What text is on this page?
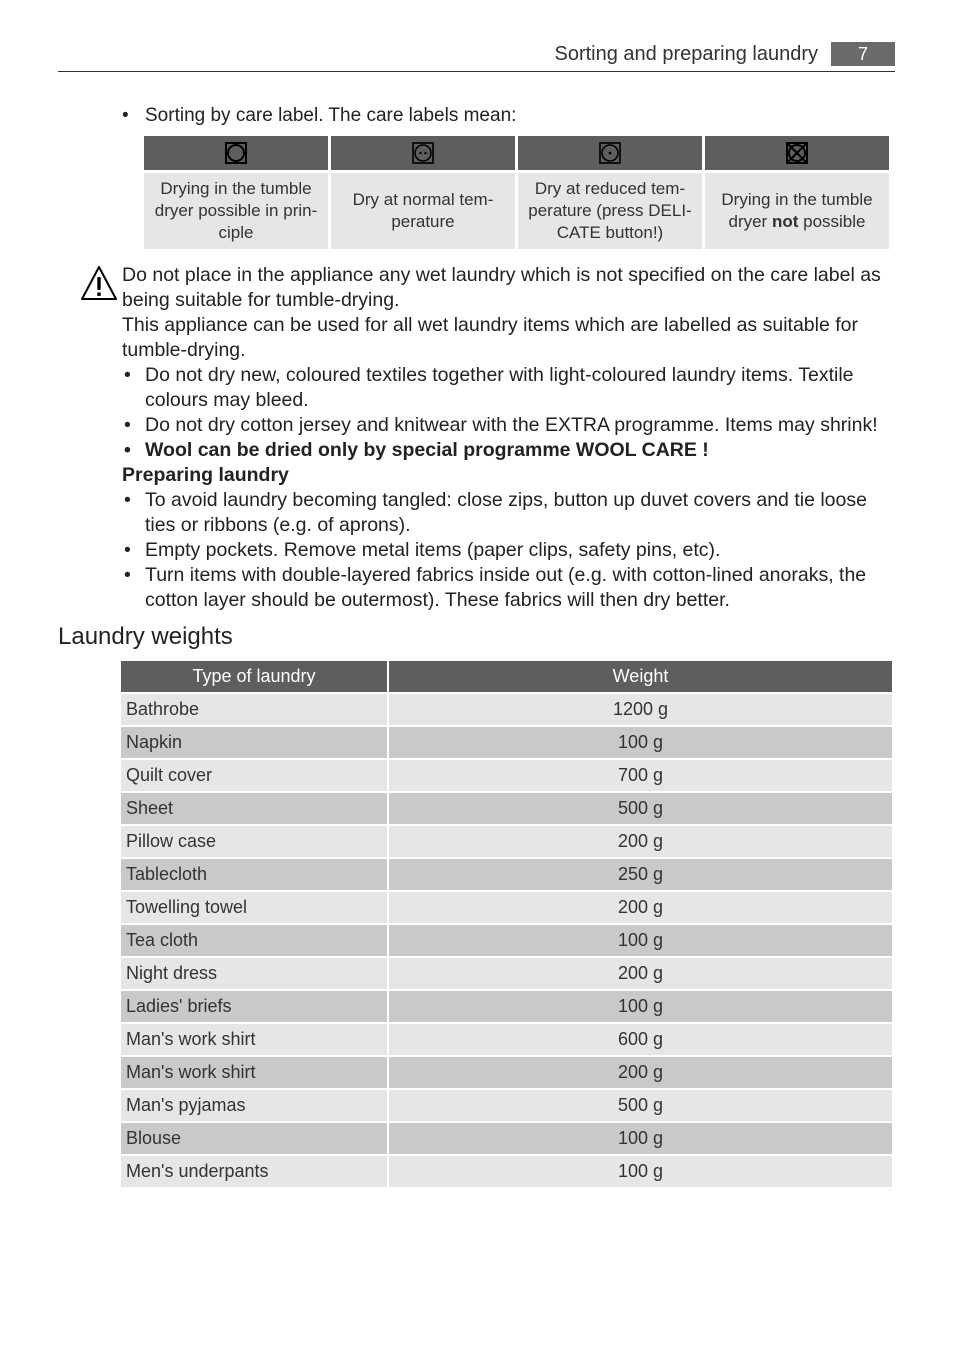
Sorting and preparing laundry	7
• Sorting by care label. The care labels mean:

Drying in the tumble dryer possible in prin-ciple	Dry at normal tem-perature	Dry at reduced tem-perature (press DELI-CATE button!)	Drying in the tumble dryer not possible

Do not place in the appliance any wet laundry which is not specified on the care label as being suitable for tumble-drying.

This appliance can be used for all wet laundry items which are labelled as suitable for tumble-drying.

• Do not dry new, coloured textiles together with light-coloured laundry items. Textile colours may bleed.
• Do not dry cotton jersey and knitwear with the EXTRA programme. Items may shrink!
• Wool can be dried only by special programme WOOL CARE !

Preparing laundry

• To avoid laundry becoming tangled: close zips, button up duvet covers and tie loose ties or ribbons (e.g. of aprons).
• Empty pockets. Remove metal items (paper clips, safety pins, etc).
• Turn items with double-layered fabrics inside out (e.g. with cotton-lined anoraks, the cotton layer should be outermost). These fabrics will then dry better.
Laundry weights
Type of laundry	Weight
Bathrobe	1200 g
Napkin	100 g
Quilt cover	700 g
Sheet	500 g
Pillow case	200 g
Tablecloth	250 g
Towelling towel	200 g
Tea cloth	100 g
Night dress	200 g
Ladies' briefs	100 g
Man's work shirt	600 g
Man's work shirt	200 g
Man's pyjamas	500 g
Blouse	100 g
Men's underpants	100 g
